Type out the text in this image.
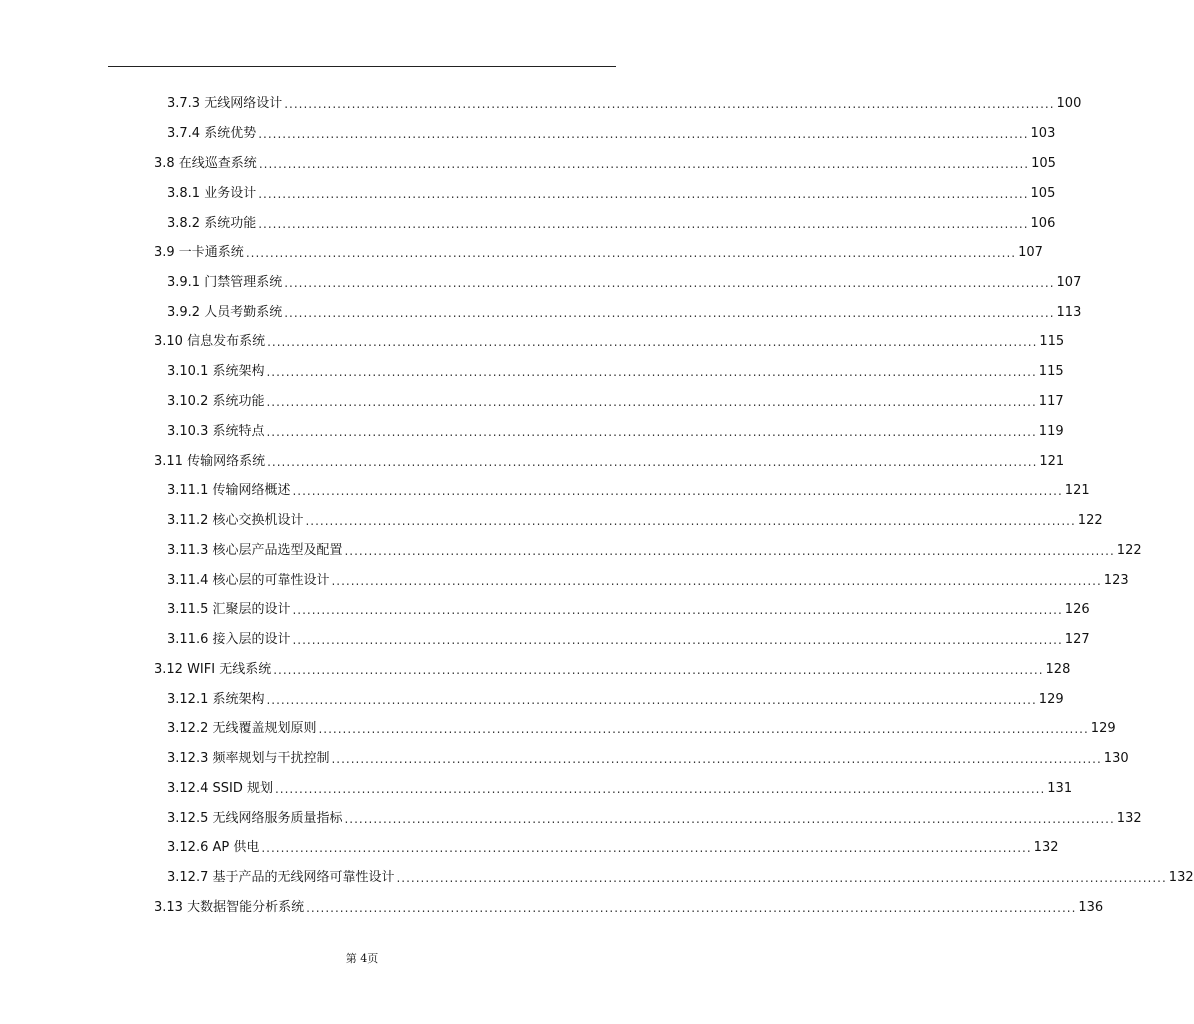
3.7.3 无线网络设计 ................................................................................................................................................................ 100
3.7.4 系统优势 ................................................................................................................................................................ 103
3.8 在线巡查系统 ................................................................................................................................................................ 105
3.8.1 业务设计 ................................................................................................................................................................ 105
3.8.2 系统功能 ................................................................................................................................................................ 106
3.9 一卡通系统 ................................................................................................................................................................ 107
3.9.1 门禁管理系统 ................................................................................................................................................................ 107
3.9.2 人员考勤系统 ................................................................................................................................................................ 113
3.10 信息发布系统 ................................................................................................................................................................ 115
3.10.1 系统架构 ................................................................................................................................................................ 115
3.10.2 系统功能 ................................................................................................................................................................ 117
3.10.3 系统特点 ................................................................................................................................................................ 119
3.11 传输网络系统 ................................................................................................................................................................ 121
3.11.1 传输网络概述 ................................................................................................................................................................ 121
3.11.2 核心交换机设计 ................................................................................................................................................................ 122
3.11.3 核心层产品选型及配置 ................................................................................................................................................................ 122
3.11.4 核心层的可靠性设计 ................................................................................................................................................................ 123
3.11.5 汇聚层的设计 ................................................................................................................................................................ 126
3.11.6 接入层的设计 ................................................................................................................................................................ 127
3.12 WIFI 无线系统 ................................................................................................................................................................ 128
3.12.1 系统架构 ................................................................................................................................................................ 129
3.12.2 无线覆盖规划原则 ................................................................................................................................................................ 129
3.12.3 频率规划与干扰控制 ................................................................................................................................................................ 130
3.12.4 SSID 规划 ................................................................................................................................................................ 131
3.12.5 无线网络服务质量指标 ................................................................................................................................................................ 132
3.12.6 AP 供电 ................................................................................................................................................................ 132
3.12.7 基于产品的无线网络可靠性设计 ................................................................................................................................................................ 132
3.13 大数据智能分析系统 ................................................................................................................................................................ 136
第 4页
